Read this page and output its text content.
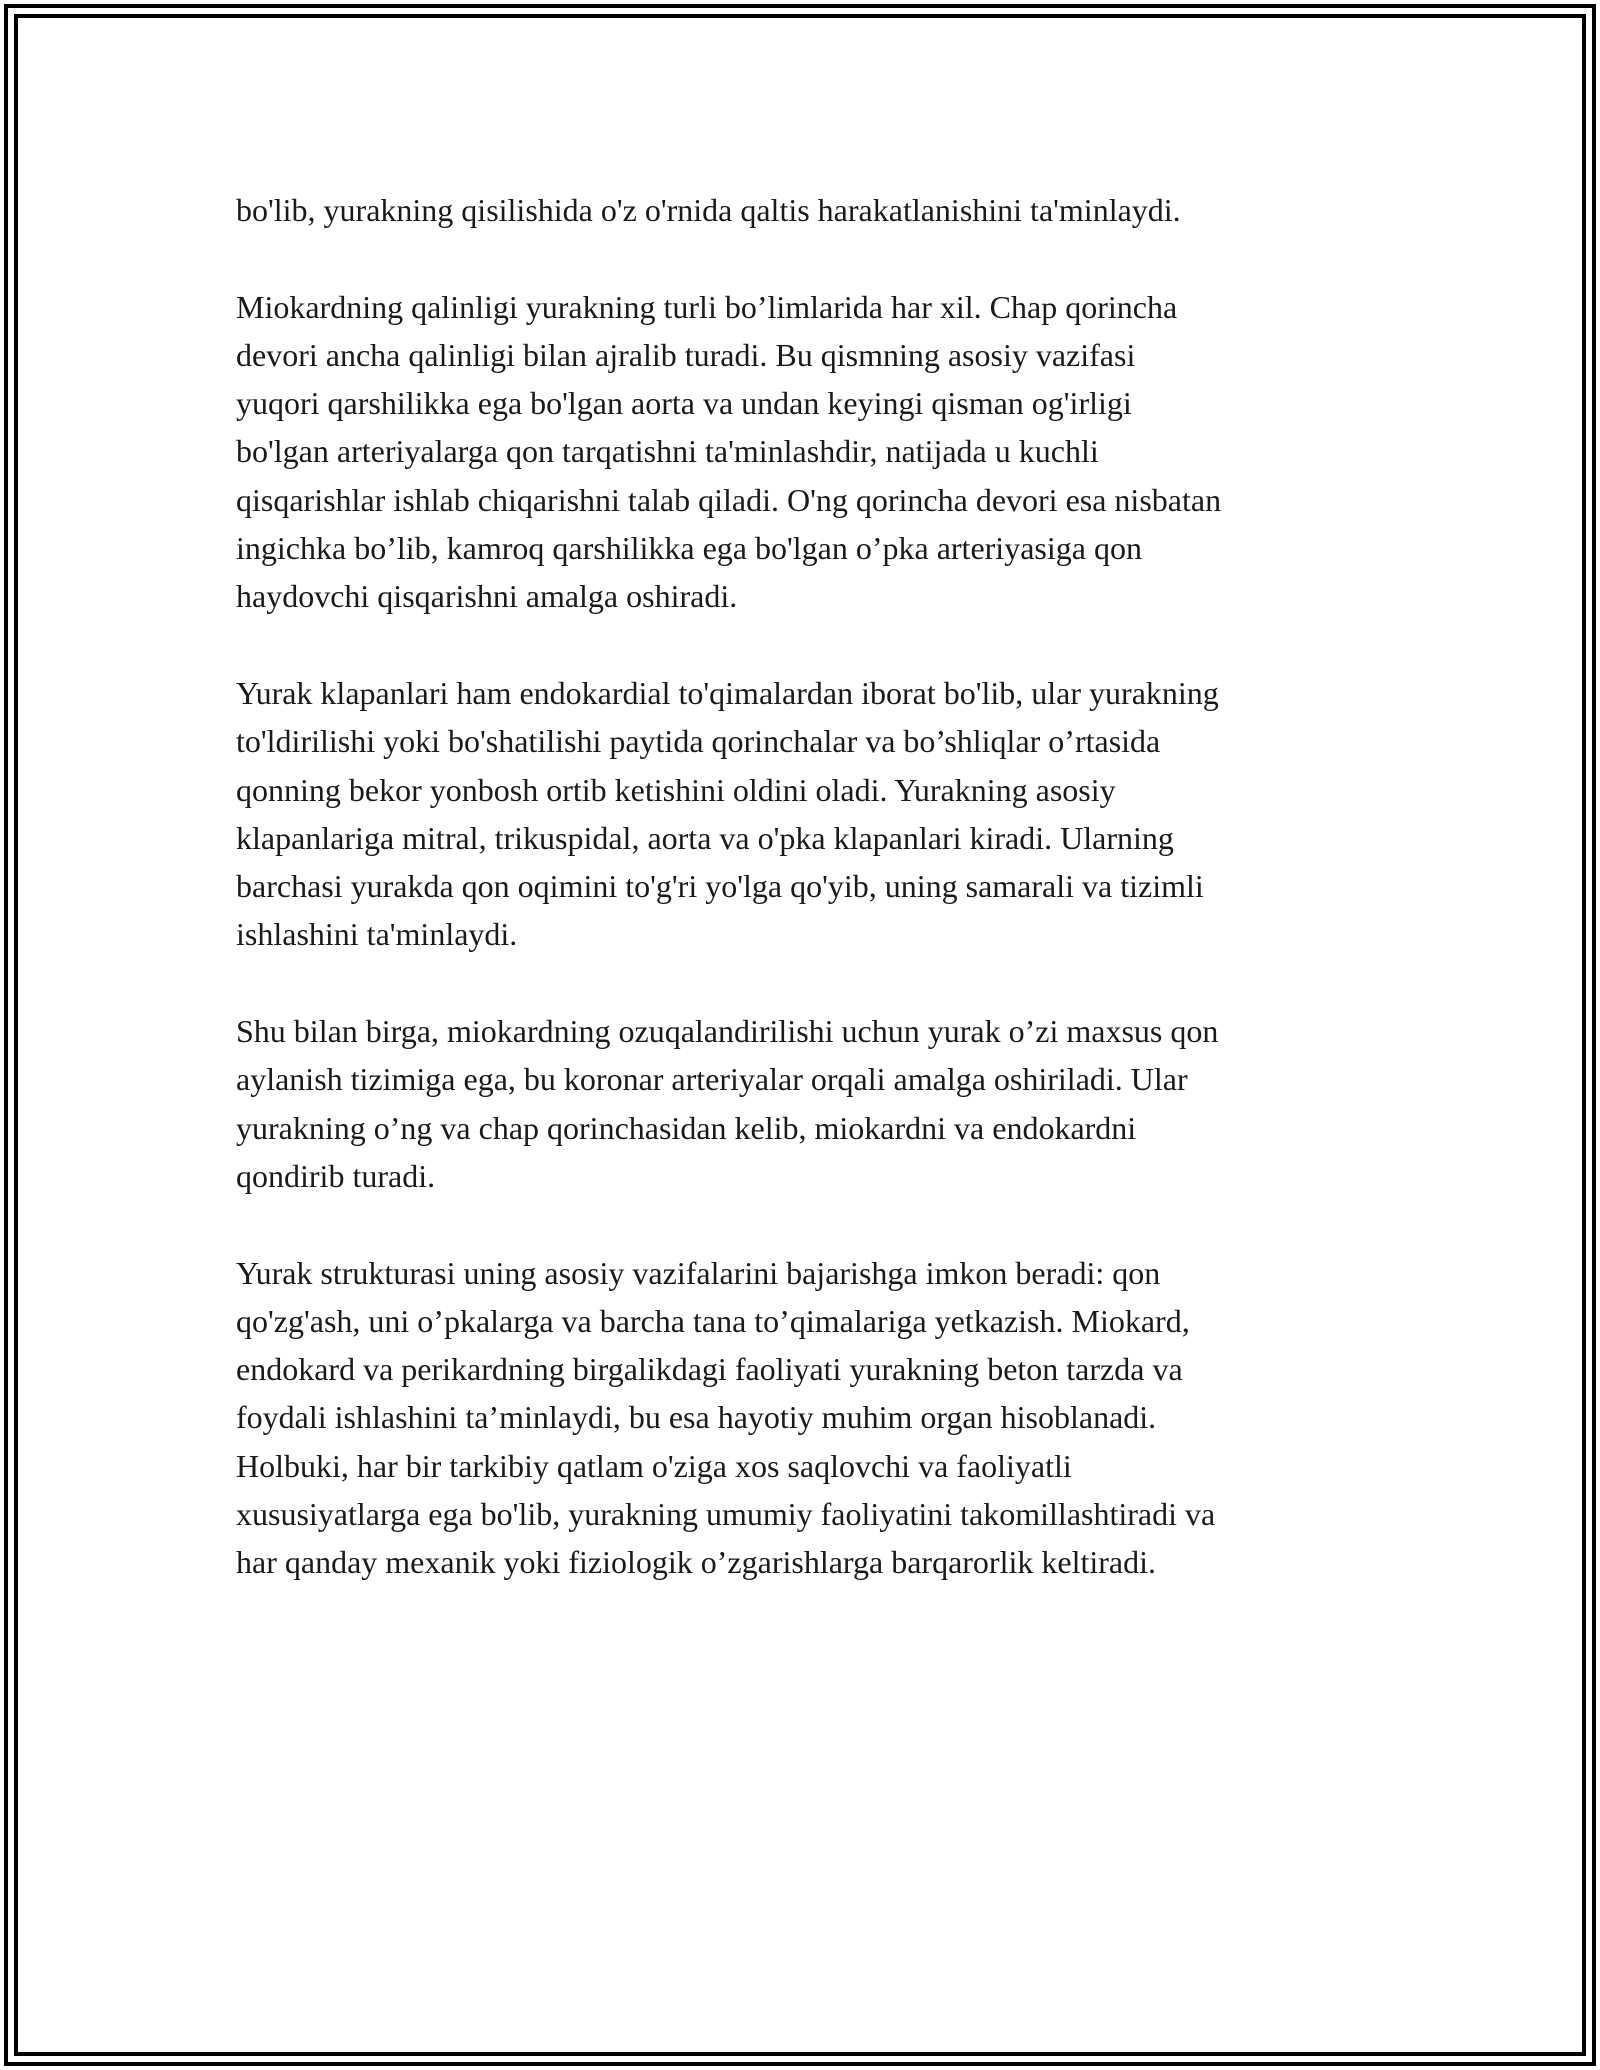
bo'lib, yurakning qisilishida o'z o'rnida qaltis harakatlanishini ta'minlaydi.

Miokardning qalinligi yurakning turli bo’limlarida har xil. Chap qorincha
devori ancha qalinligi bilan ajralib turadi. Bu qismning asosiy vazifasi
yuqori qarshilikka ega bo'lgan aorta va undan keyingi qisman og'irligi
bo'lgan arteriyalarga qon tarqatishni ta'minlashdir, natijada u kuchli
qisqarishlar ishlab chiqarishni talab qiladi. O'ng qorincha devori esa nisbatan
ingichka bo’lib, kamroq qarshilikka ega bo'lgan o’pka arteriyasiga qon
haydovchi qisqarishni amalga oshiradi.

Yurak klapanlari ham endokardial to'qimalardan iborat bo'lib, ular yurakning
to'ldirilishi yoki bo'shatilishi paytida qorinchalar va bo’shliqlar o’rtasida
qonning bekor yonbosh ortib ketishini oldini oladi. Yurakning asosiy
klapanlariga mitral, trikuspidal, aorta va o'pka klapanlari kiradi. Ularning
barchasi yurakda qon oqimini to'g'ri yo'lga qo'yib, uning samarali va tizimli
ishlashini ta'minlaydi.

Shu bilan birga, miokardning ozuqalandirilishi uchun yurak o’zi maxsus qon
aylanish tizimiga ega, bu koronar arteriyalar orqali amalga oshiriladi. Ular
yurakning o’ng va chap qorinchasidan kelib, miokardni va endokardni
qondirib turadi.

Yurak strukturasi uning asosiy vazifalarini bajarishga imkon beradi: qon
qo'zg'ash, uni o’pkalarga va barcha tana to’qimalariga yetkazish. Miokard,
endokard va perikardning birgalikdagi faoliyati yurakning beton tarzda va
foydali ishlashini ta’minlaydi, bu esa hayotiy muhim organ hisoblanadi.
Holbuki, har bir tarkibiy qatlam o'ziga xos saqlovchi va faoliyatli
xususiyatlarga ega bo'lib, yurakning umumiy faoliyatini takomillashtiradi va
har qanday mexanik yoki fiziologik o’zgarishlarga barqarorlik keltiradi.
